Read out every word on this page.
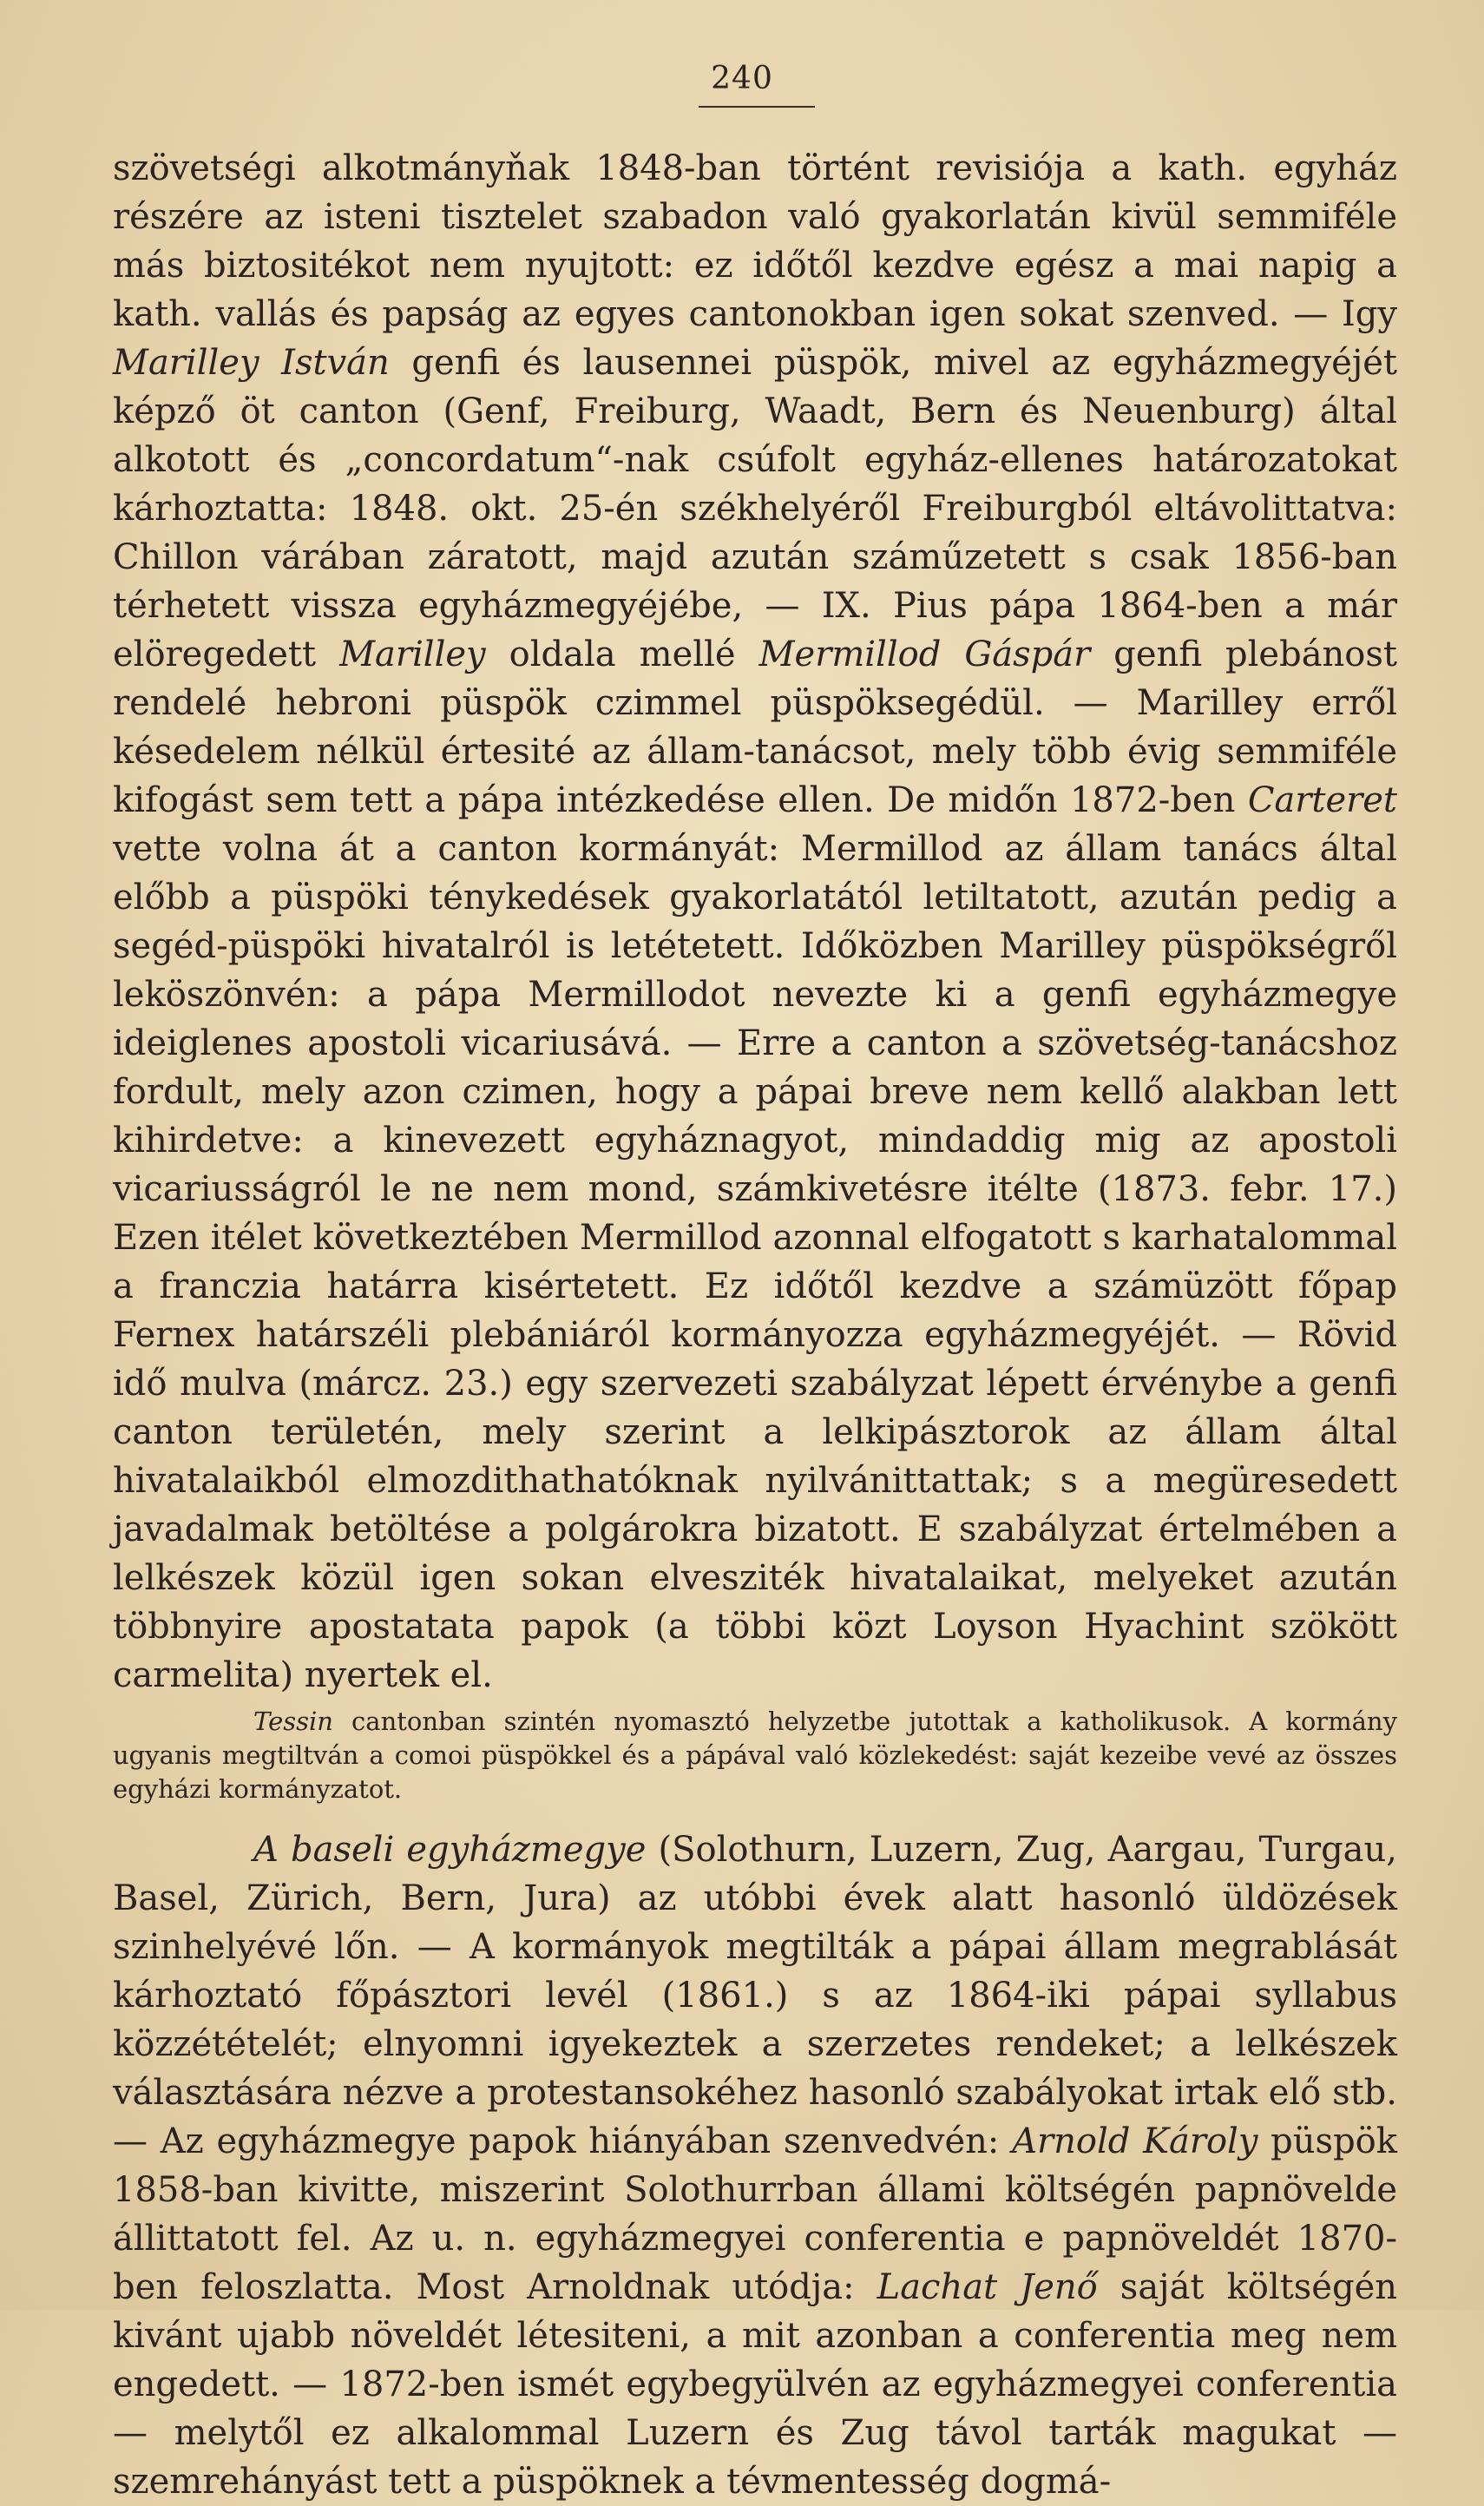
240

szövetségi alkotmányňak 1848-ban történt revisiója a kath. egyház részére az isteni tisztelet szabadon való gyakorlatán kivül semmiféle más biztositékot nem nyujtott: ez időtől kezdve egész a mai napig a kath. vallás és papság az egyes cantonokban igen sokat szenved. — Igy Marilley István genfi és lausennei püspök, mivel az egyházmegyéjét képző öt canton (Genf, Freiburg, Waadt, Bern és Neuenburg) által alkotott és „concordatum“-nak csúfolt egyház-ellenes határozatokat kárhoztatta: 1848. okt. 25-én székhelyéről Freiburgból eltávolittatva: Chillon várában záratott, majd azután száműzetett s csak 1856-ban térhetett vissza egyházmegyéjébe, — IX. Pius pápa 1864-ben a már elöregedett Marilley oldala mellé Mermillod Gáspár genfi plebánost rendelé hebroni püspök czimmel püspöksegédül. — Marilley erről késedelem nélkül értesité az állam-tanácsot, mely több évig semmiféle kifogást sem tett a pápa intézkedése ellen. De midőn 1872-ben Carteret vette volna át a canton kormányát: Mermillod az állam tanács által előbb a püspöki ténykedések gyakorlatától letiltatott, azután pedig a segéd-püspöki hivatalról is letétetett. Időközben Marilley püspökségről leköszönvén: a pápa Mermillodot nevezte ki a genfi egyházmegye ideiglenes apostoli vicariusává. — Erre a canton a szövetség-tanácshoz fordult, mely azon czimen, hogy a pápai breve nem kellő alakban lett kihirdetve: a kinevezett egyháznagyot, mindaddig mig az apostoli vicariusságról le ne nem mond, számkivetésre itélte (1873. febr. 17.) Ezen itélet következtében Mermillod azonnal elfogatott s karhatalommal a franczia határra kisértetett. Ez időtől kezdve a számüzött főpap Fernex határszéli plebániáról kormányozza egyházmegyéjét. — Rövid idő mulva (márcz. 23.) egy szervezeti szabályzat lépett érvénybe a genfi canton területén, mely szerint a lelkipásztorok az állam által hivatalaikból elmozdithathatóknak nyilvánittattak; s a megüresedett javadalmak betöltése a polgárokra bizatott. E szabályzat értelmében a lelkészek közül igen sokan elvesziték hivatalaikat, melyeket azután többnyire apostatata papok (a többi közt Loyson Hyachint szökött carmelita) nyertek el.

Tessin cantonban szintén nyomasztó helyzetbe jutottak a katholikusok. A kormány ugyanis megtiltván a comoi püspökkel és a pápával való közlekedést: saját kezeibe vevé az összes egyházi kormányzatot.

A baseli egyházmegye (Solothurn, Luzern, Zug, Aargau, Turgau, Basel, Zürich, Bern, Jura) az utóbbi évek alatt hasonló üldözések szinhelyévé lőn. — A kormányok megtilták a pápai állam megrablását kárhoztató főpásztori levél (1861.) s az 1864-iki pápai syllabus közzétételét; elnyomni igyekeztek a szerzetes rendeket; a lelkészek választására nézve a protestansokéhez hasonló szabályokat irtak elő stb. — Az egyházmegye papok hiányában szenvedvén: Arnold Károly püspök 1858-ban kivitte, miszerint Solothurrban állami költségén papnövelde állittatott fel. Az u. n. egyházmegyei conferentia e papnöveldét 1870-ben feloszlatta. Most Arnoldnak utódja: Lachat Jenő saját költségén kivánt ujabb növeldét létesiteni, a mit azonban a conferentia meg nem engedett. — 1872-ben ismét egybegyülvén az egyházmegyei conferentia — melytől ez alkalommal Luzern és Zug távol tarták magukat — szemrehányást tett a püspöknek a tévmentesség dogmá-
